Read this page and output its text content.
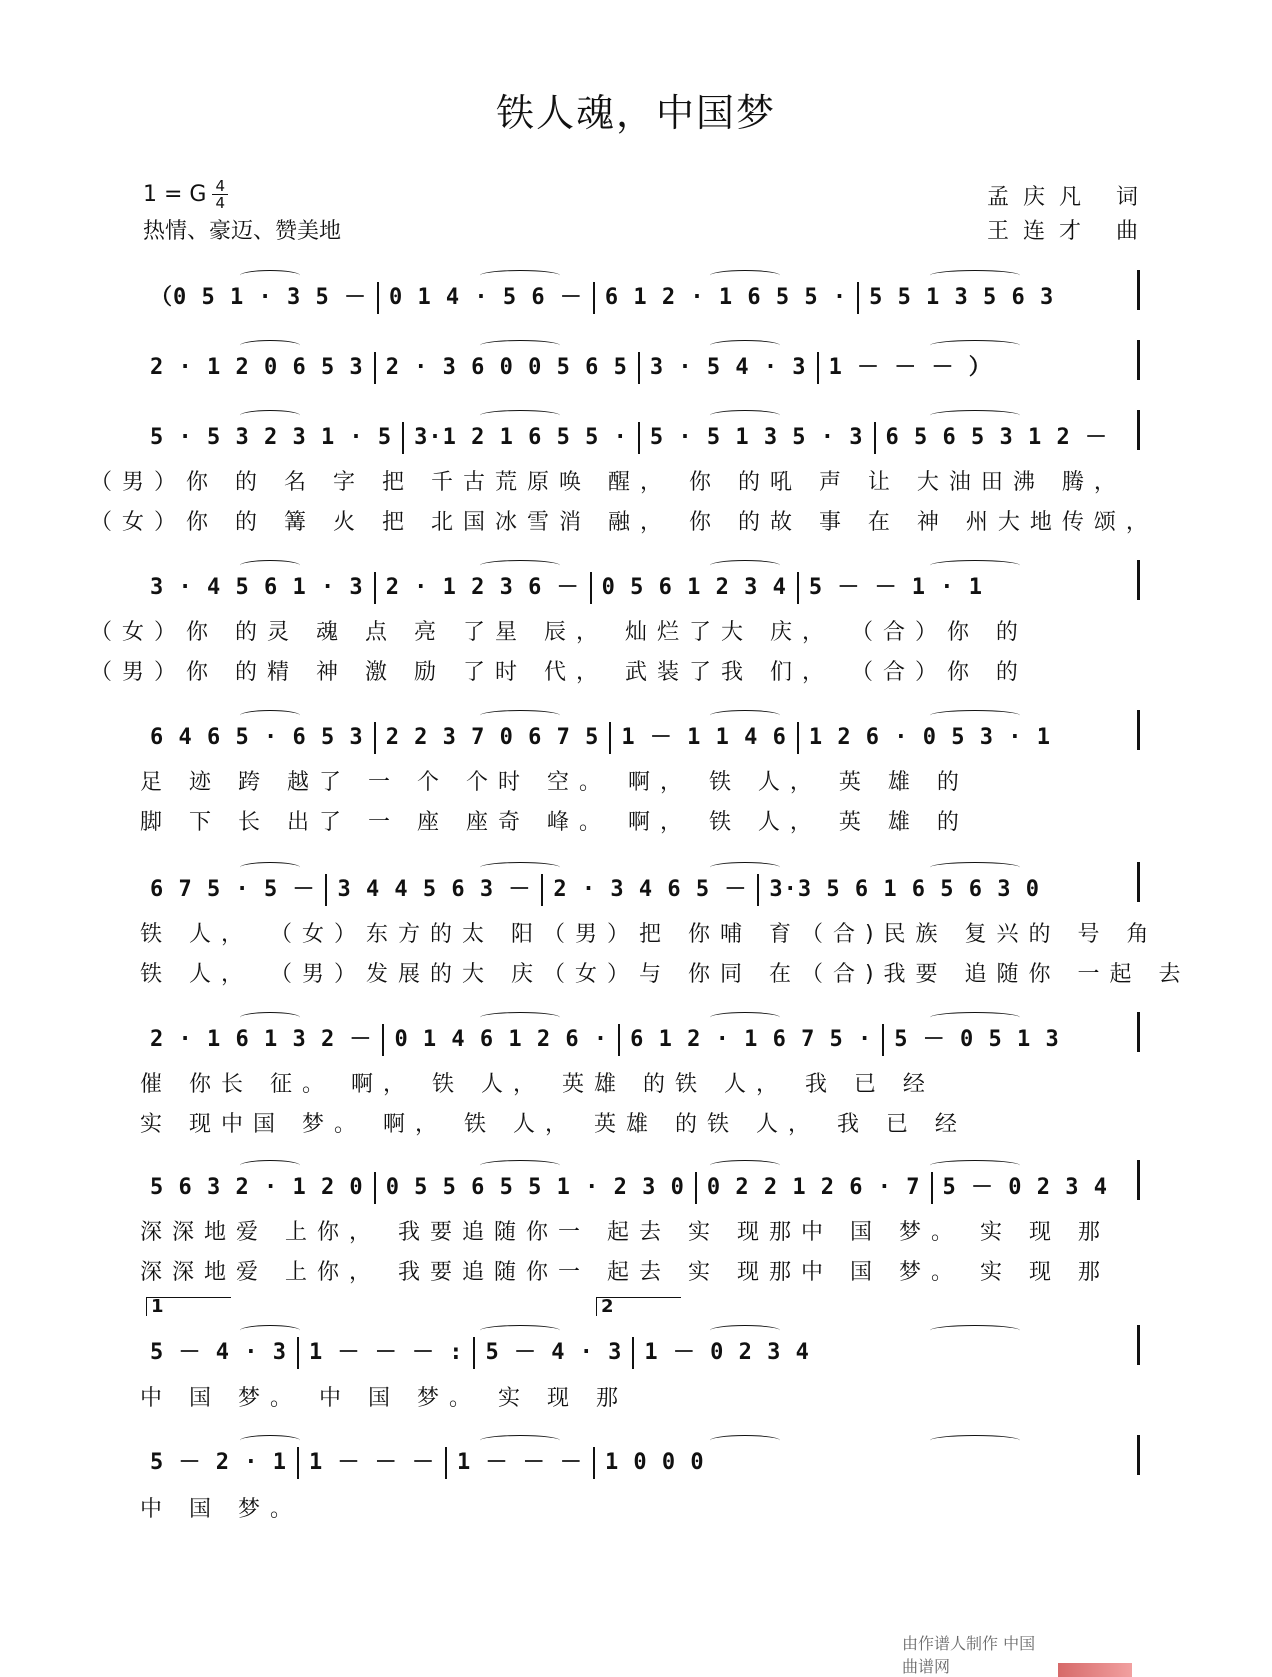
铁人魂，中国梦
1 = G $\frac{4}{4}$
热情、豪迈、赞美地
孟庆凡 词
王连才 曲
（0 5 1 · 3 5 － 0 1 4 · 5 6 － 6 1 2 · 1 6 5 5 · 5 5 1 3 5 6 3
2 · 1 2 0 6 5 3 2 · 3 6 0 0 5 6 5 3 · 5 4 · 3 1 － － － ）
5 · 5 3 2 3 1 · 5 3·1 2 1 6 5 5 · 5 · 5 1 3 5 · 3 6 5 6 5 3 1 2 －
（男）你 的 名 字 把 千古荒原唤 醒， 你 的吼 声 让 大油田沸 腾，
（女）你 的 篝 火 把 北国冰雪消 融， 你 的故 事 在 神 州大地传颂，
3 · 4 5 6 1 · 3 2 · 1 2 3 6 － 0 5 6 1 2 3 4 5 － － 1 · 1
（女）你 的灵 魂 点 亮 了星 辰， 灿烂了大 庆， （合）你 的
（男）你 的精 神 激 励 了时 代， 武装了我 们， （合）你 的
6 4 6 5 · 6 5 3 2 2 3 7 0 6 7 5 1 － 1 1 4 6 1 2 6 · 0 5 3 · 1
足 迹 跨 越了 一 个 个时 空。 啊， 铁 人， 英 雄 的
脚 下 长 出了 一 座 座奇 峰。 啊， 铁 人， 英 雄 的
6 7 5 · 5 － 3 4 4 5 6 3 － 2 · 3 4 6 5 － 3·3 5 6 1 6 5 6 3 0
铁 人， （女）东方的太 阳（男）把 你哺 育（合)民族 复兴的 号 角
铁 人， （男）发展的大 庆（女）与 你同 在（合)我要 追随你 一起 去
2 · 1 6 1 3 2 － 0 1 4 6 1 2 6 · 6 1 2 · 1 6 7 5 · 5 － 0 5 1 3
催 你长 征。 啊， 铁 人， 英雄 的铁 人， 我 已 经
实 现中国 梦。 啊， 铁 人， 英雄 的铁 人， 我 已 经
5 6 3 2 · 1 2 0 0 5 5 6 5 5 1 · 2 3 0 0 2 2 1 2 6 · 7 5 － 0 2 3 4
深深地爱 上你， 我要追随你一 起去 实 现那中 国 梦。 实 现 那
深深地爱 上你， 我要追随你一 起去 实 现那中 国 梦。 实 现 那
5 － 4 · 3 1 － － － : 5 － 4 · 3 1 － 0 2 3 4
1	2
中 国 梦。 中 国 梦。 实 现 那
5 － 2 · 1 1 － － － 1 － － － 1 0 0 0
中 国 梦。
由作谱人制作 中国曲谱网
